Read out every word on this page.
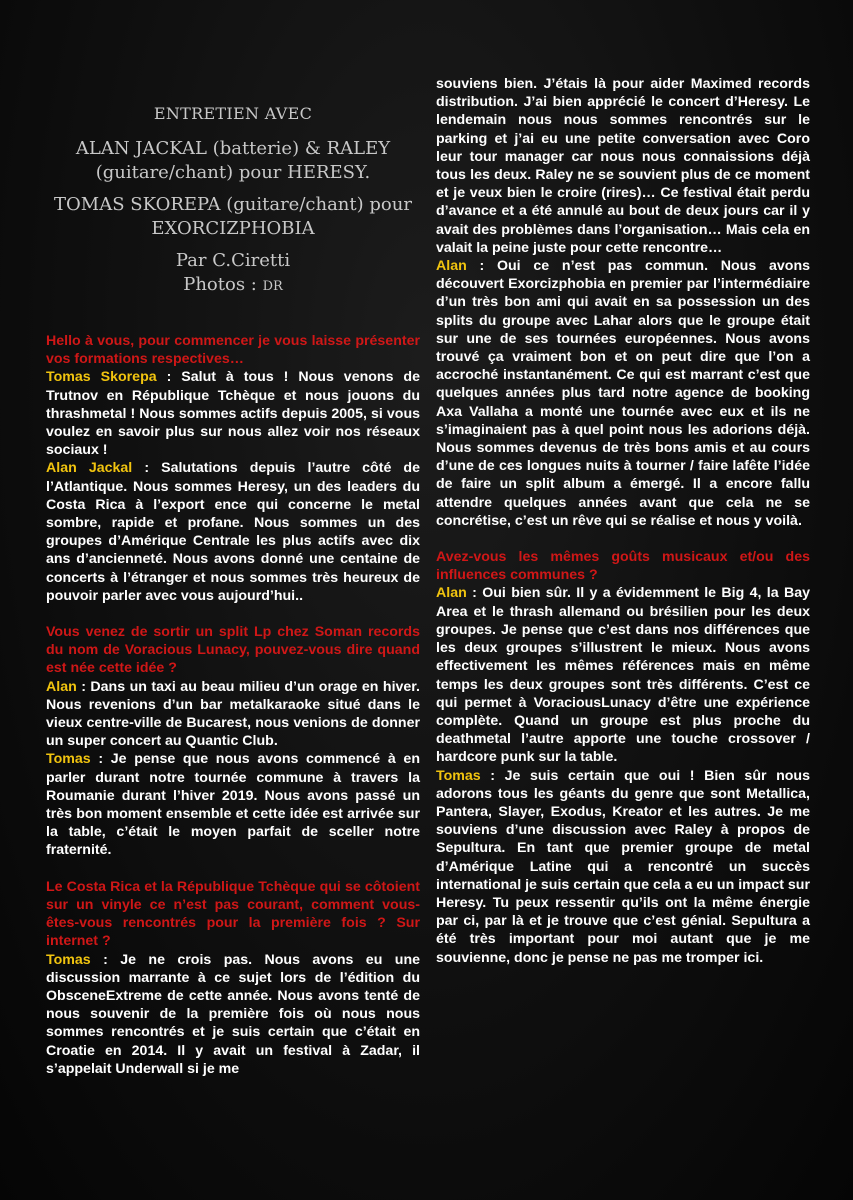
ENTRETIEN AVEC

ALAN JACKAL (batterie) & RALEY (guitare/chant) pour HERESY.

TOMAS SKOREPA (guitare/chant) pour EXORCIZPHOBIA

Par C.Ciretti

Photos : DR

Hello à vous, pour commencer je vous laisse présenter vos formations respectives…

Tomas Skorepa : Salut à tous ! Nous venons de Trutnov en République Tchèque et nous jouons du thrashmetal ! Nous sommes actifs depuis 2005, si vous voulez en savoir plus sur nous allez voir nos réseaux sociaux !

Alan Jackal : Salutations depuis l’autre côté de l’Atlantique. Nous sommes Heresy, un des leaders du Costa Rica à l’export ence qui concerne le metal sombre, rapide et profane. Nous sommes un des groupes d’Amérique Centrale les plus actifs avec dix ans d’ancienneté. Nous avons donné une centaine de concerts à l’étranger et nous sommes très heureux de pouvoir parler avec vous aujourd’hui..

Vous venez de sortir un split Lp chez Soman records du nom de Voracious Lunacy, pouvez-vous dire quand est née cette idée ?

Alan : Dans un taxi au beau milieu d’un orage en hiver. Nous revenions d’un bar metalkaraoke situé dans le vieux centre-ville de Bucarest, nous venions de donner un super concert au Quantic Club.

Tomas : Je pense que nous avons commencé à en parler durant notre tournée commune à travers la Roumanie durant l’hiver 2019. Nous avons passé un très bon moment ensemble et cette idée est arrivée sur la table, c’était le moyen parfait de sceller notre fraternité.

Le Costa Rica et la République Tchèque qui se côtoient sur un vinyle ce n’est pas courant, comment vous-êtes-vous rencontrés pour la première fois ? Sur internet ?

Tomas : Je ne crois pas. Nous avons eu une discussion marrante à ce sujet lors de l’édition du ObsceneExtreme de cette année. Nous avons tenté de nous souvenir de la première fois où nous nous sommes rencontrés et je suis certain que c’était en Croatie en 2014. Il y avait un festival à Zadar, il s’appelait Underwall si je me

souviens bien. J’étais là pour aider Maximed records distribution. J’ai bien apprécié le concert d’Heresy. Le lendemain nous nous sommes rencontrés sur le parking et j’ai eu une petite conversation avec Coro leur tour manager car nous nous connaissions déjà tous les deux. Raley ne se souvient plus de ce moment et je veux bien le croire (rires)… Ce festival était perdu d’avance et a été annulé au bout de deux jours car il y avait des problèmes dans l’organisation… Mais cela en valait la peine juste pour cette rencontre…

Alan : Oui ce n’est pas commun. Nous avons découvert Exorcizphobia en premier par l’intermédiaire d’un très bon ami qui avait en sa possession un des splits du groupe avec Lahar alors que le groupe était sur une de ses tournées européennes. Nous avons trouvé ça vraiment bon et on peut dire que l’on a accroché instantanément. Ce qui est marrant c’est que quelques années plus tard notre agence de booking Axa Vallaha a monté une tournée avec eux et ils ne s’imaginaient pas à quel point nous les adorions déjà. Nous sommes devenus de très bons amis et au cours d’une de ces longues nuits à tourner / faire lafête l’idée de faire un split album a émergé. Il a encore fallu attendre quelques années avant que cela ne se concrétise, c’est un rêve qui se réalise et nous y voilà.

Avez-vous les mêmes goûts musicaux et/ou des influences communes ?

Alan : Oui bien sûr. Il y a évidemment le Big 4, la Bay Area et le thrash allemand ou brésilien pour les deux groupes. Je pense que c’est dans nos différences que les deux groupes s’illustrent le mieux. Nous avons effectivement les mêmes références mais en même temps les deux groupes sont très différents. C’est ce qui permet à VoraciousLunacy d’être une expérience complète. Quand un groupe est plus proche du deathmetal l’autre apporte une touche crossover / hardcore punk sur la table.

Tomas : Je suis certain que oui ! Bien sûr nous adorons tous les géants du genre que sont Metallica, Pantera, Slayer, Exodus, Kreator et les autres. Je me souviens d’une discussion avec Raley à propos de Sepultura. En tant que premier groupe de metal d’Amérique Latine qui a rencontré un succès international je suis certain que cela a eu un impact sur Heresy. Tu peux ressentir qu’ils ont la même énergie par ci, par là et je trouve que c’est génial. Sepultura a été très important pour moi autant que je me souvienne, donc je pense ne pas me tromper ici.
